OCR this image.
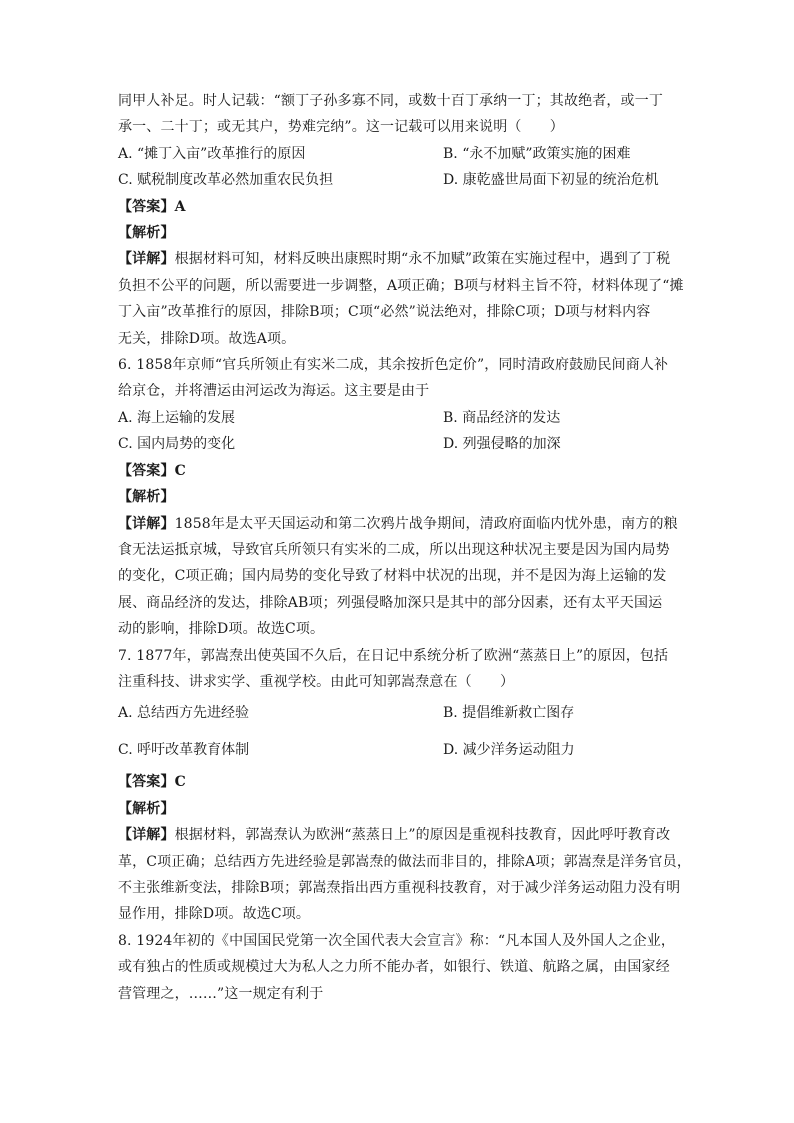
同甲人补足。时人记载：“额丁子孙多寡不同，或数十百丁承纳一丁；其故绝者，或一丁
承一、二十丁；或无其户，势难完纳”。这一记载可以用来说明（　　）
A. “摊丁入亩”改革推行的原因	B. “永不加赋”政策实施的困难
C. 赋税制度改革必然加重农民负担	D. 康乾盛世局面下初显的统治危机
【答案】A
【解析】
【详解】根据材料可知，材料反映出康熙时期“永不加赋”政策在实施过程中，遇到了丁税
负担不公平的问题，所以需要进一步调整，A项正确；B项与材料主旨不符，材料体现了“摊
丁入亩”改革推行的原因，排除B项；C项“必然”说法绝对，排除C项；D项与材料内容
无关，排除D项。故选A项。
6. 1858年京师“官兵所领止有实米二成，其余按折色定价”，同时清政府鼓励民间商人补
给京仓，并将漕运由河运改为海运。这主要是由于
A. 海上运输的发展	B. 商品经济的发达
C. 国内局势的变化	D. 列强侵略的加深
【答案】C
【解析】
【详解】1858年是太平天国运动和第二次鸦片战争期间，清政府面临内忧外患，南方的粮
食无法运抵京城，导致官兵所领只有实米的二成，所以出现这种状况主要是因为国内局势
的变化，C项正确；国内局势的变化导致了材料中状况的出现，并不是因为海上运输的发
展、商品经济的发达，排除AB项；列强侵略加深只是其中的部分因素，还有太平天国运
动的影响，排除D项。故选C项。
7. 1877年，郭嵩焘出使英国不久后，在日记中系统分析了欧洲“蒸蒸日上”的原因，包括
注重科技、讲求实学、重视学校。由此可知郭嵩焘意在（　　）
A. 总结西方先进经验	B. 提倡维新救亡图存
C. 呼吁改革教育体制	D. 减少洋务运动阻力
【答案】C
【解析】
【详解】根据材料，郭嵩焘认为欧洲“蒸蒸日上”的原因是重视科技教育，因此呼吁教育改
革，C项正确；总结西方先进经验是郭嵩焘的做法而非目的，排除A项；郭嵩焘是洋务官员，
不主张维新变法，排除B项；郭嵩焘指出西方重视科技教育，对于减少洋务运动阻力没有明
显作用，排除D项。故选C项。
8. 1924年初的《中国国民党第一次全国代表大会宣言》称：“凡本国人及外国人之企业，
或有独占的性质或规模过大为私人之力所不能办者，如银行、铁道、航路之属，由国家经
营管理之，……”这一规定有利于
